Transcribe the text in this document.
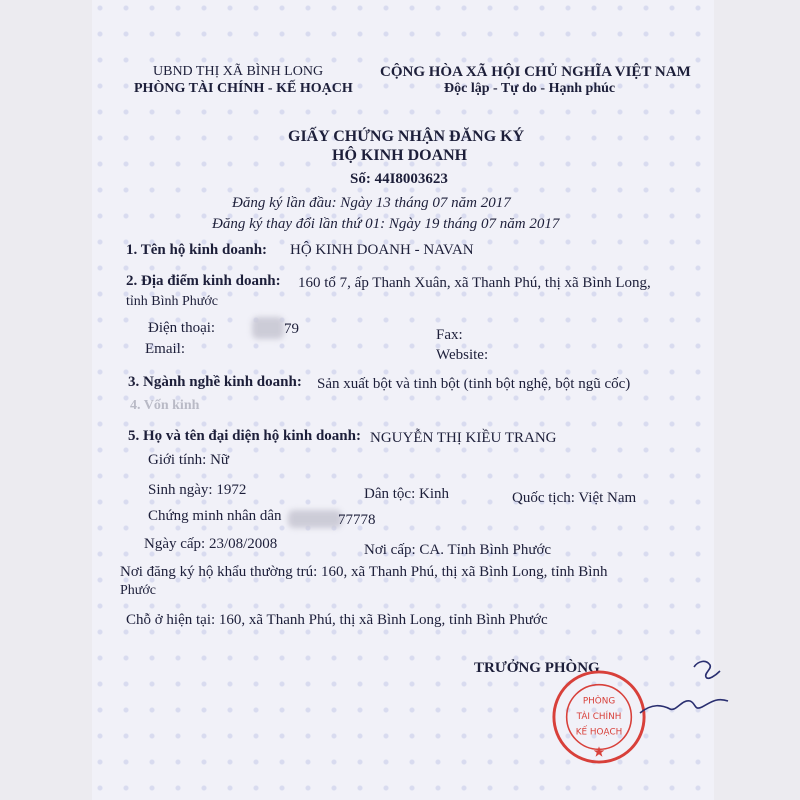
UBND THỊ XÃ BÌNH LONG
PHÒNG TÀI CHÍNH - KẾ HOẠCH
CỘNG HÒA XÃ HỘI CHỦ NGHĨA VIỆT NAM
Độc lập - Tự do - Hạnh phúc
GIẤY CHỨNG NHẬN ĐĂNG KÝ
HỘ KINH DOANH
Số: 44I8003623
Đăng ký lần đầu: Ngày 13 tháng 07 năm 2017
Đăng ký thay đổi lần thứ 01: Ngày 19 tháng 07 năm 2017
1. Tên hộ kinh doanh: HỘ KINH DOANH - NAVAN
2. Địa điểm kinh doanh: 160 tổ 7, ấp Thanh Xuân, xã Thanh Phú, thị xã Bình Long,
tỉnh Bình Phước
Điện thoại:	79	Fax:
Email:	Website:
3. Ngành nghề kinh doanh: Sản xuất bột và tinh bột (tinh bột nghệ, bột ngũ cốc)
4. Vốn kinh
5. Họ và tên đại diện hộ kinh doanh: NGUYỄN THỊ KIỀU TRANG
Giới tính: Nữ
Sinh ngày: 1972	Dân tộc: Kinh	Quốc tịch: Việt Nam
Chứng minh nhân dân	77778
Ngày cấp: 23/08/2008	Nơi cấp: CA. Tỉnh Bình Phước
Nơi đăng ký hộ khẩu thường trú: 160, xã Thanh Phú, thị xã Bình Long, tỉnh Bình
Phước
Chỗ ở hiện tại: 160, xã Thanh Phú, thị xã Bình Long, tỉnh Bình Phước
TRƯỞNG PHÒNG
PHÒNG
TÀI CHÍNH
KẾ HOẠCH
